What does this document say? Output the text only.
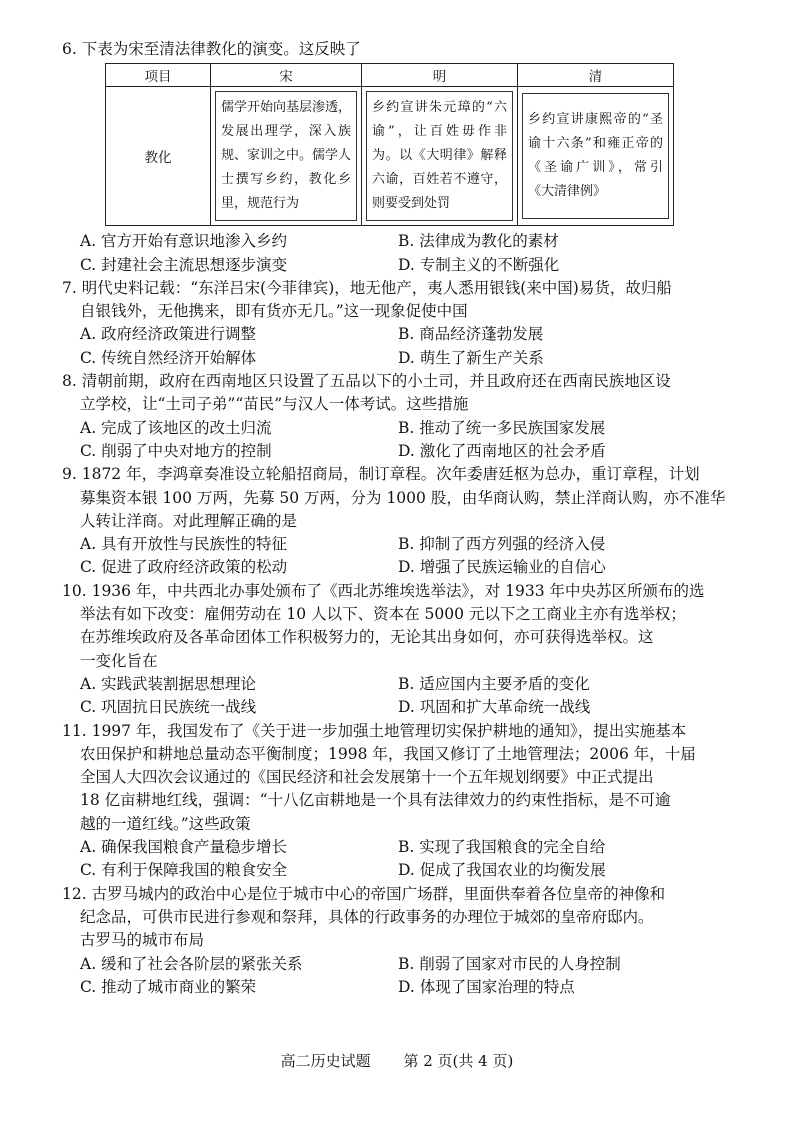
6. 下表为宋至清法律教化的演变。这反映了
项目	宋	明	清
教化	儒学开始向基层渗透，发展出理学，深入族规、家训之中。儒学人士撰写乡约，教化乡里，规范行为	乡约宣讲朱元璋的“六谕”，让百姓毋作非为。以《大明律》解释六谕，百姓若不遵守，则要受到处罚	乡约宣讲康熙帝的“圣谕十六条”和雍正帝的《圣谕广训》，常引《大清律例》
A. 官方开始有意识地渗入乡约	B. 法律成为教化的素材
C. 封建社会主流思想逐步演变	D. 专制主义的不断强化
7. 明代史料记载：“东洋吕宋(今菲律宾)，地无他产，夷人悉用银钱(来中国)易货，故归船
自银钱外，无他携来，即有货亦无几。”这一现象促使中国
A. 政府经济政策进行调整	B. 商品经济蓬勃发展
C. 传统自然经济开始解体	D. 萌生了新生产关系
8. 清朝前期，政府在西南地区只设置了五品以下的小土司，并且政府还在西南民族地区设
立学校，让“土司子弟”“苗民”与汉人一体考试。这些措施
A. 完成了该地区的改土归流	B. 推动了统一多民族国家发展
C. 削弱了中央对地方的控制	D. 激化了西南地区的社会矛盾
9. 1872 年，李鸿章奏准设立轮船招商局，制订章程。次年委唐廷枢为总办，重订章程，计划
募集资本银 100 万两，先募 50 万两，分为 1000 股，由华商认购，禁止洋商认购，亦不准华
人转让洋商。对此理解正确的是
A. 具有开放性与民族性的特征	B. 抑制了西方列强的经济入侵
C. 促进了政府经济政策的松动	D. 增强了民族运输业的自信心
10. 1936 年，中共西北办事处颁布了《西北苏维埃选举法》，对 1933 年中央苏区所颁布的选
举法有如下改变：雇佣劳动在 10 人以下、资本在 5000 元以下之工商业主亦有选举权；
在苏维埃政府及各革命团体工作积极努力的，无论其出身如何，亦可获得选举权。这
一变化旨在
A. 实践武装割据思想理论	B. 适应国内主要矛盾的变化
C. 巩固抗日民族统一战线	D. 巩固和扩大革命统一战线
11. 1997 年，我国发布了《关于进一步加强土地管理切实保护耕地的通知》，提出实施基本
农田保护和耕地总量动态平衡制度；1998 年，我国又修订了土地管理法；2006 年，十届
全国人大四次会议通过的《国民经济和社会发展第十一个五年规划纲要》中正式提出
18 亿亩耕地红线，强调：“十八亿亩耕地是一个具有法律效力的约束性指标，是不可逾
越的一道红线。”这些政策
A. 确保我国粮食产量稳步增长	B. 实现了我国粮食的完全自给
C. 有利于保障我国的粮食安全	D. 促成了我国农业的均衡发展
12. 古罗马城内的政治中心是位于城市中心的帝国广场群，里面供奉着各位皇帝的神像和
纪念品，可供市民进行参观和祭拜，具体的行政事务的办理位于城郊的皇帝府邸内。
古罗马的城市布局
A. 缓和了社会各阶层的紧张关系	B. 削弱了国家对市民的人身控制
C. 推动了城市商业的繁荣	D. 体现了国家治理的特点
高二历史试题 第 2 页(共 4 页)
